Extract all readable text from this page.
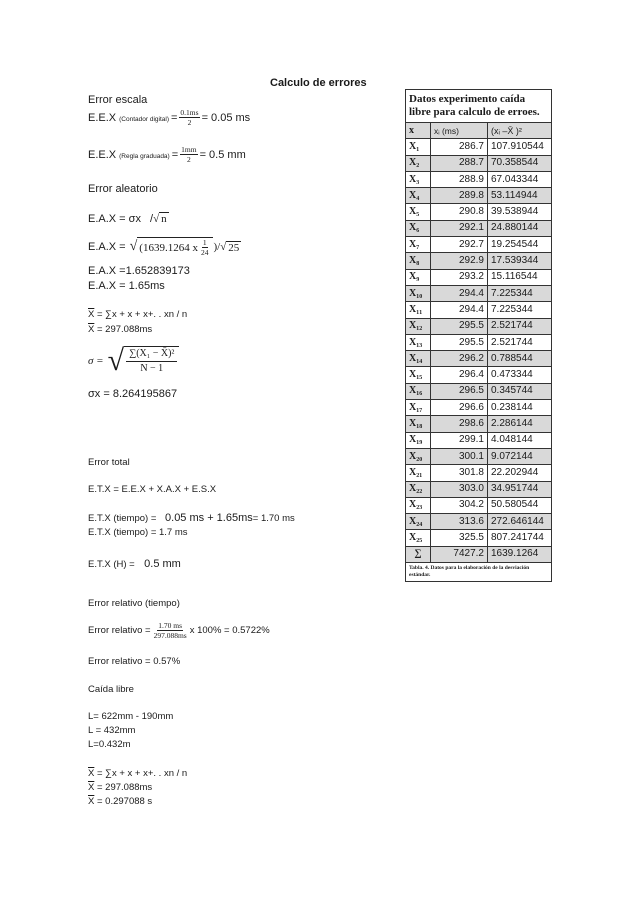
Calculo de errores
Error escala
E.E.X (Contador digital) = $\frac{0.1ms}{2} = 0.05$ ms
E.E.X (Regla graduada) = $\frac{1mm}{2} = 0.5$ mm
Error aleatorio
E.A.X = σx /√ n
E.A.X = √ (1639.1264 x $\frac{1}{24}$ )/ √ 25
E.A.X =1.652839173
E.A.X = 1.65ms
$\overline{X} = \sum x + x + x+$. . xn / n
$\overline{X} = 297.088ms$
σ = √ $\frac{\text{∑(X₁ − X̄)²}}{N - 1}$
σx = 8.264195867
Error total
E.T.X = E.E.X + X.A.X + E.S.X
E.T.X (tiempo) = 0.05 ms + 1.65ms= 1.70 ms
E.T.X (tiempo) = 1.7 ms
E.T.X (H) = 0.5 mm
Error relativo (tiempo)
Error relativo = $\frac{1.70 ms}{297.088ms}$ x 100% = 0.5722%
Error relativo = 0.57%
Caída libre
L= 622mm - 190mm
L = 432mm
L=0.432m
$\overline{X} = \sum x + x + x+$. . xn / n
$\overline{X} = 297.088ms$
$\overline{X} = 0.297088$ s
Datos experimento caída libre para calculo de erroes.		
x	xᵢ (ms)	(xᵢ –X̄ )²
X₁	286.7	107.910544
X₂	288.7	70.358544
X₃	288.9	67.043344
X₄	289.8	53.114944
X₅	290.8	39.538944
X₆	292.1	24.880144
X₇	292.7	19.254544
X₈	292.9	17.539344
X₉	293.2	15.116544
X₁₀	294.4	7.225344
X₁₁	294.4	7.225344
X₁₂	295.5	2.521744
X₁₃	295.5	2.521744
X₁₄	296.2	0.788544
X₁₅	296.4	0.473344
X₁₆	296.5	0.345744
X₁₇	296.6	0.238144
X₁₈	298.6	2.286144
X₁₉	299.1	4.048144
X₂₀	300.1	9.072144
X₂₁	301.8	22.202944
X₂₂	303.0	34.951744
X₂₃	304.2	50.580544
X₂₄	313.6	272.646144
X₂₅	325.5	807.241744
∑	7427.2	1639.1264
Tabla. 4. Datos para la elaboración de la desviación estándar.		
